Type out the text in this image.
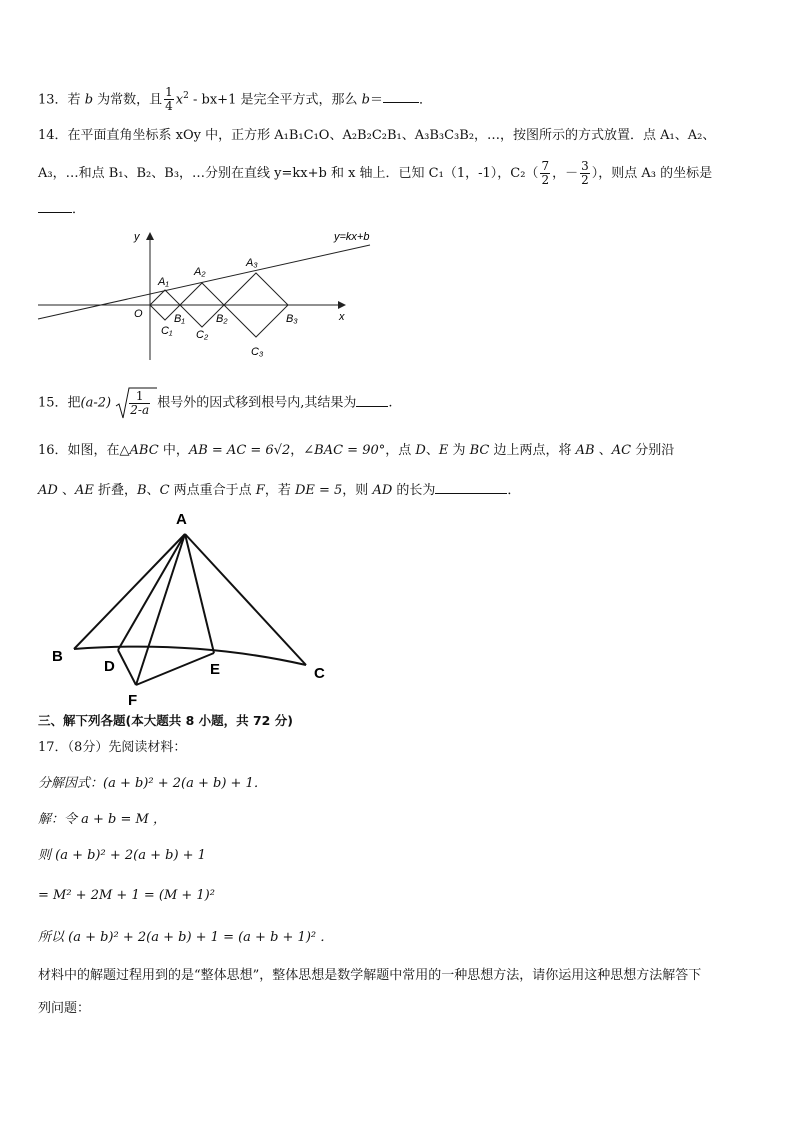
13．若 b 为常数，且 $\frac{1}{4} x^2 - bx+1$ 是完全平方式，那么 b＝	．
14．在平面直角坐标系 xOy 中，正方形 A₁B₁C₁O、A₂B₂C₂B₁、A₃B₃C₃B₂，…，按图所示的方式放置．点 A₁、A₂、
A₃，…和点 B₁、B₂、B₃，…分别在直线 y=kx+b 和 x 轴上．已知 C₁（1，-1），$C_2( \frac{7}{2}$ ，－ $\frac{3}{2}$ ），则点 A₃ 的坐标是
．
y=kx+b
y
x
O
A₁
A₂
A₃
B₁	B₂	B₃
C₁ C₂
C₃
15．把$(a-2) \frac{1}{2-a}$ 根号外的因式移到根号内,其结果为 .
16．如图，在△ABC 中，AB = AC = 6√2，∠BAC = 90°，点 D、E 为 BC 边上两点，将 AB 、AC 分别沿
AD 、AE 折叠，B、C 两点重合于点 F，若 DE = 5，则 AD 的长为	．
A
B
C
D	E
F
三、解下列各题(本大题共 8 小题，共 72 分)
17．（8分）先阅读材料：
分解因式：(a + b)² + 2(a + b) + 1．
解：令 a + b = M ，
则 (a + b)² + 2(a + b) + 1
= M² + 2M + 1 = (M + 1)²
所以 (a + b)² + 2(a + b) + 1 = (a + b + 1)² ．
材料中的解题过程用到的是“整体思想”，整体思想是数学解题中常用的一种思想方法，请你运用这种思想方法解答下
列问题：
